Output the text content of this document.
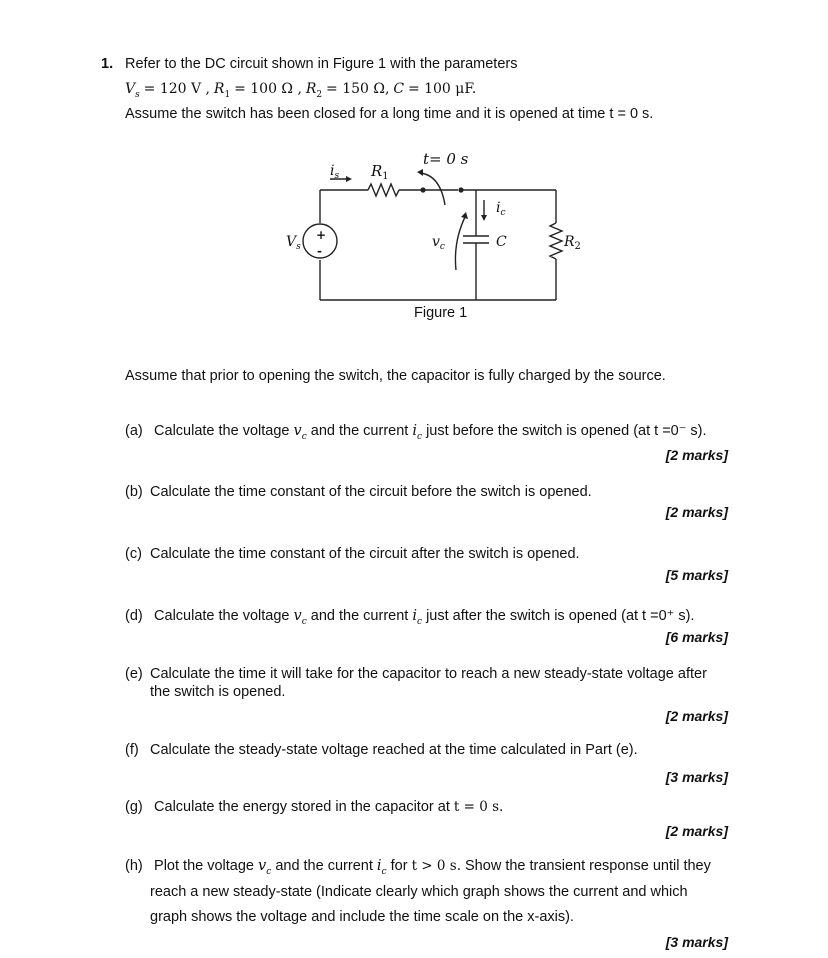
1. Refer to the DC circuit shown in Figure 1 with the parameters
$V_s = 120$ V , $R_1 = 100$ Ω , $R_2 = 150$ Ω, C = 100 μF.
Assume the switch has been closed for a long time and it is opened at time t = 0 s.
t= 0 s
$i_s$ $R_1$
$i_c$
$V_s$
+
-
$v_c$	C	$R_2$
Figure 1
Assume that prior to opening the switch, the capacitor is fully charged by the source.
(a) Calculate the voltage $v_c$ and the current $i_c$ just before the switch is opened (at t =0⁻ s).
[2 marks]
(b) Calculate the time constant of the circuit before the switch is opened.
[2 marks]
(c) Calculate the time constant of the circuit after the switch is opened.
[5 marks]
(d) Calculate the voltage $v_c$ and the current $i_c$ just after the switch is opened (at t =0⁺ s).
[6 marks]
(e) Calculate the time it will take for the capacitor to reach a new steady-state voltage after
the switch is opened.
[2 marks]
(f) Calculate the steady-state voltage reached at the time calculated in Part (e).
[3 marks]
(g) Calculate the energy stored in the capacitor at t = 0 s.
[2 marks]
(h) Plot the voltage $v_c$ and the current $i_c$ for t > 0 s. Show the transient response until they
reach a new steady-state (Indicate clearly which graph shows the current and which
graph shows the voltage and include the time scale on the x-axis).
[3 marks]
